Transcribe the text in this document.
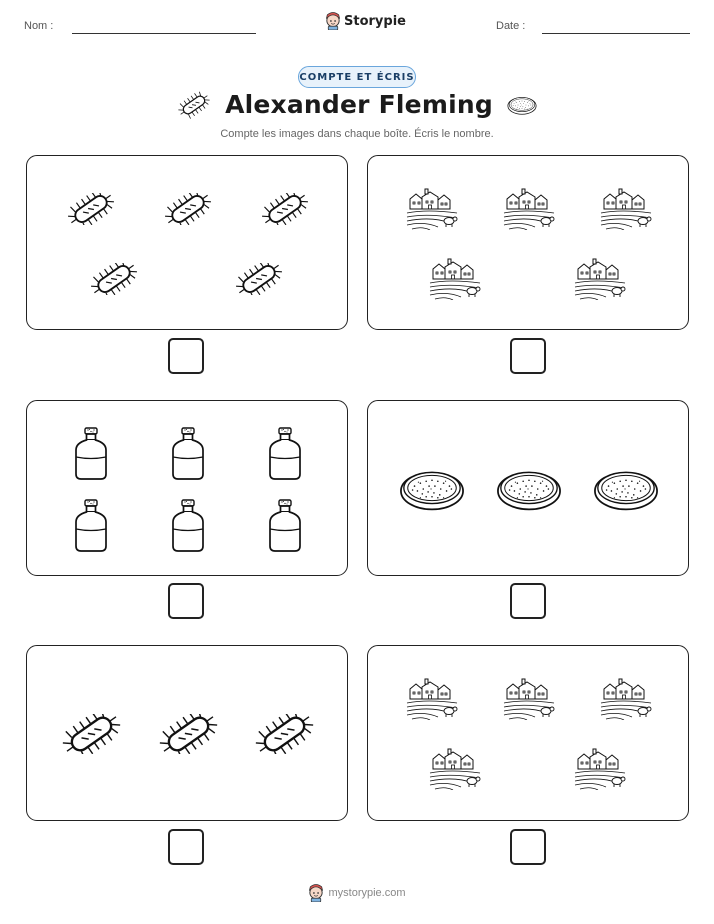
Nom :	Storypie	Date :
COMPTE ET ÉCRIS
Alexander Fleming
Compte les images dans chaque boîte. Écris le nombre.
mystorypie.com
